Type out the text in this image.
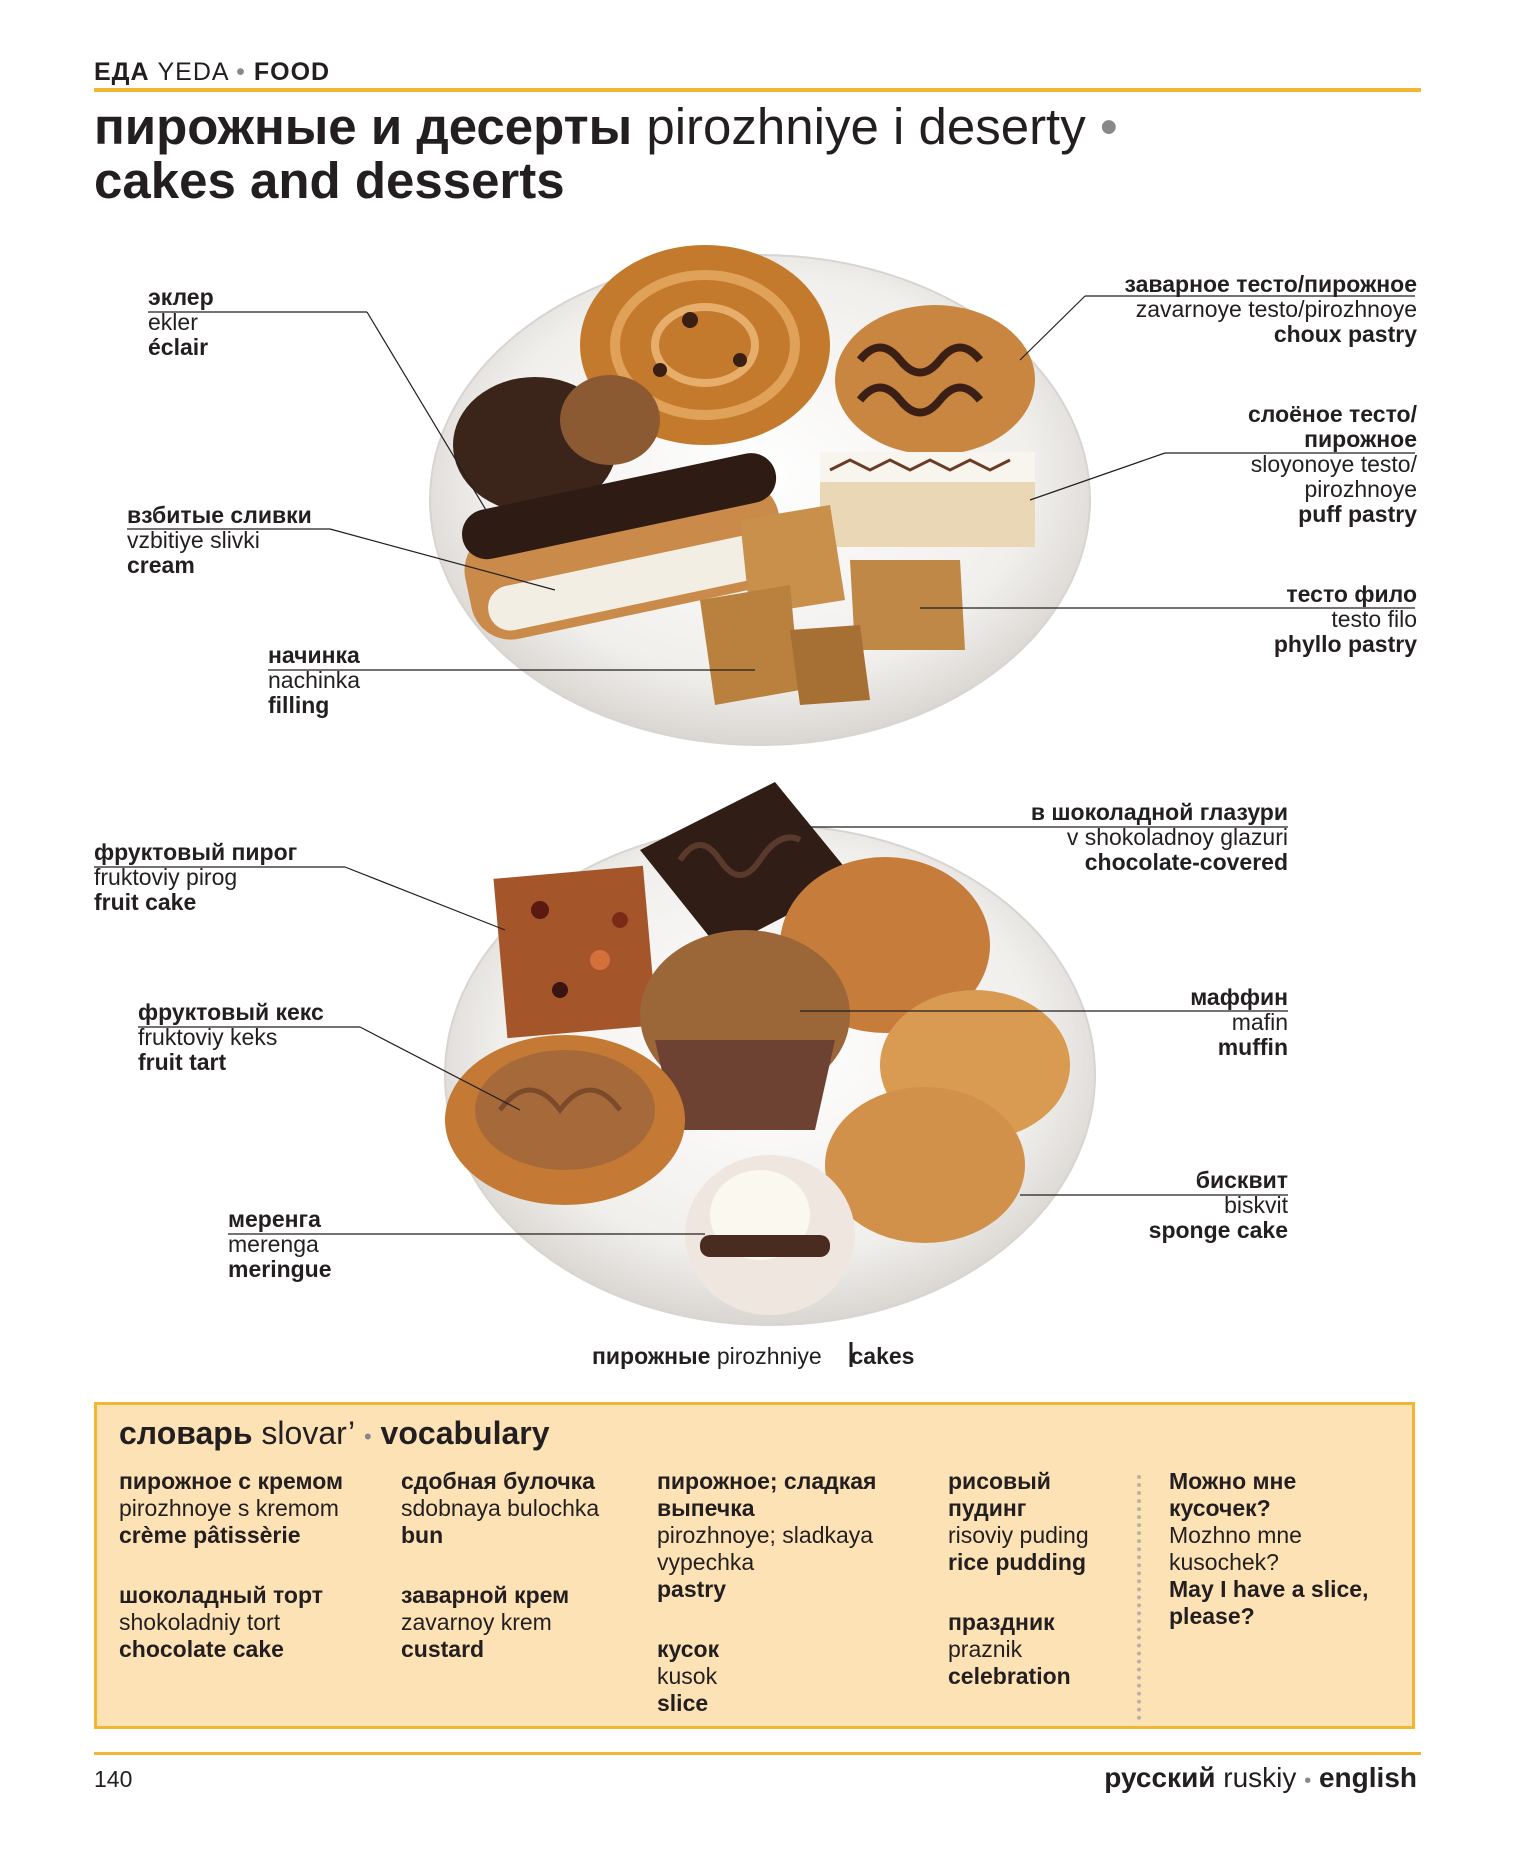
ЕДА YEDA • FOOD
пирожные и десерты pirozhniye i deserty •
cakes and desserts
эклер
ekler
éclair
взбитые сливки
vzbitiye slivki
cream
начинка
nachinka
filling
заварное тесто/пирожное
zavarnoye testo/pirozhnoye
choux pastry
слоёное тесто/ пирожное
sloyonoye testo/ pirozhnoye
puff pastry
тесто фило
testo filo
phyllo pastry
фруктовый пирог
fruktoviy pirog
fruit cake
фруктовый кекс
fruktoviy keks
fruit tart
меренга
merenga
meringue
в шоколадной глазури
v shokoladnoy glazuri
chocolate-covered
маффин
mafin
muffin
бисквит
biskvit
sponge cake
пирожные pirozhniye cakes
словарь slovar’ • vocabulary
пирожное с кремом
pirozhnoye s kremom
crème pâtissèrie
шоколадный торт
shokoladniy tort
chocolate cake
сдобная булочка
sdobnaya bulochka
bun
заварной крем
zavarnoy krem
custard
пирожное; сладкая выпечка
pirozhnoye; sladkaya vypechka
pastry
кусок
kusok
slice
рисовый пудинг
risoviy puding
rice pudding
праздник
praznik
celebration
Можно мне кусочек?
Mozhno mne kusochek?
May I have a slice, please?
140	русский ruskiy • english
